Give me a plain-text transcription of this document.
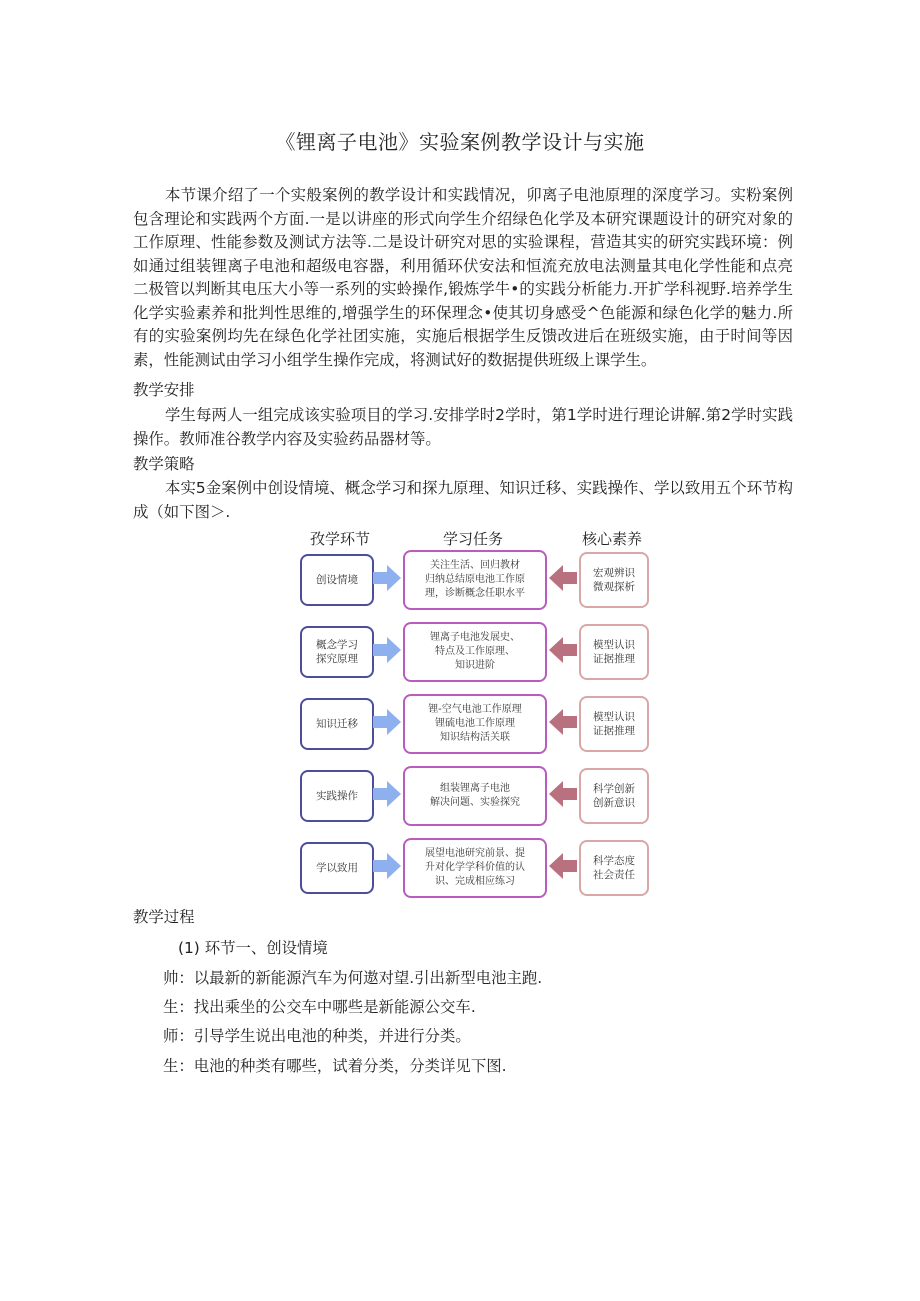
《锂离子电池》实验案例教学设计与实施

本节课介绍了一个实般案例的教学设计和实践情况，卯离子电池原理的深度学习。实粉案例包含理论和实践两个方面.一是以讲座的形式向学生介绍绿色化学及本研究课题设计的研究对象的工作原理、性能参数及测试方法等.二是设计研究对思的实验课程，营造其实的研究实践环境：例如通过组装锂离子电池和超级电容器，利用循环伏安法和恒流充放电法测量其电化学性能和点亮二极管以判断其电压大小等一系列的实蛉操作,锻炼学牛•的实践分析能力.开扩学科视野.培养学生化学实验素养和批判性思维的,增强学生的环保理念•使其切身感受^色能源和绿色化学的魅力.所有的实验案例均先在绿色化学社团实施，实施后根据学生反馈改进后在班级实施，由于时间等因素，性能测试由学习小组学生操作完成，将测试好的数据提供班级上课学生。

教学安排

学生每两人一组完成该实验项目的学习.安排学时2学时，第1学时进行理论讲解.第2学时实践操作。教师准谷教学内容及实验药品器材等。

教学策略

本实5金案例中创设情境、概念学习和探九原理、知识迁移、实践操作、学以致用五个环节构成（如下图＞.

孜学环节	学习任务	核心素养
创设情境
关注生活、回归教材
归纳总结原电池工作原
理，诊断概念任职水平
宏观辨识
微观探析
概念学习
探究原理
锂离子电池发展史、
特点及工作原理、
知识进阶
模型认识
证据推理
知识迁移
锂-空气电池工作原理
锂硫电池工作原理
知识结构活关联
模型认识
证据推理
实践操作
组装锂离子电池
解决问题、实验探究
科学创新
创新意识
学以致用
展望电池研究前景、提
升对化学学科价值的认
识、完成相应练习
科学态度
社会责任

教学过程

(1) 环节一、创设情境

帅：以最新的新能源汽车为何遨对望.引出新型电池主跑.

生：找出乘坐的公交车中哪些是新能源公交车.

师：引导学生说出电池的种类，并进行分类。

生：电池的种类有哪些，试着分类，分类详见下图.
